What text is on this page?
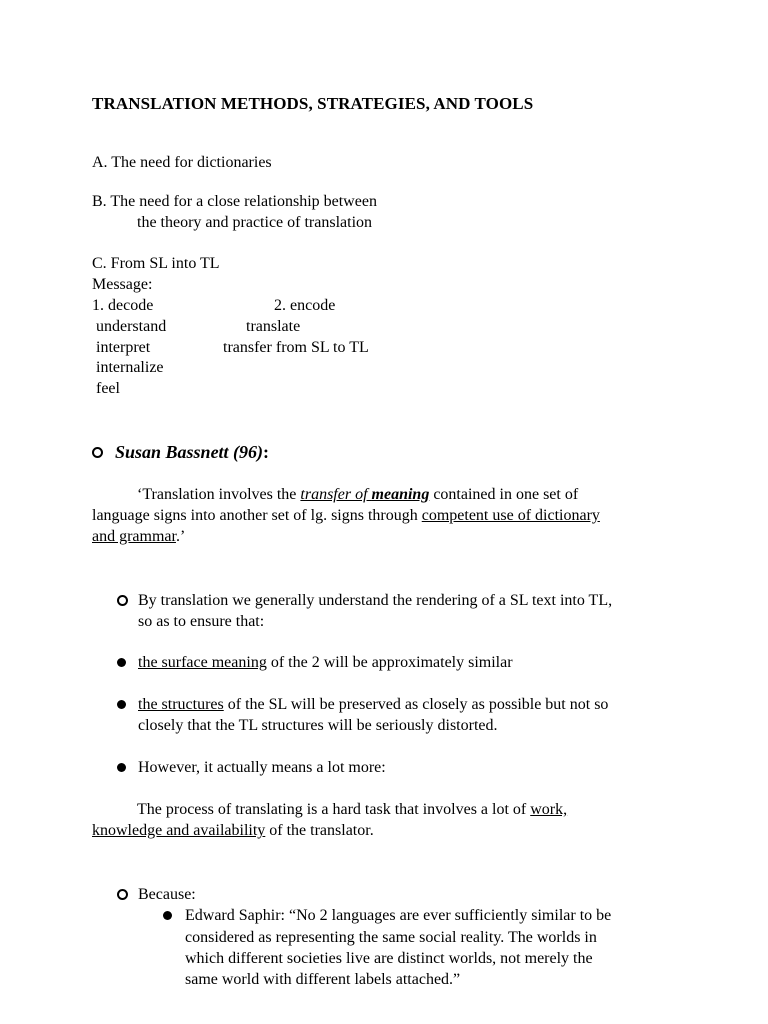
TRANSLATION METHODS, STRATEGIES, AND TOOLS
A. The need for dictionaries
B. The need for a close relationship between
the theory and practice of translation
C. From SL into TL
Message:
1. decode	2. encode
understand	translate
interpret	transfer from SL to TL
internalize
feel
Susan Bassnett (96):
‘Translation involves the transfer of meaning contained in one set of
language signs into another set of lg. signs through competent use of dictionary
and grammar.’
By translation we generally understand the rendering of a SL text into TL,
so as to ensure that:
the surface meaning of the 2 will be approximately similar
the structures of the SL will be preserved as closely as possible but not so
closely that the TL structures will be seriously distorted.
However, it actually means a lot more:
The process of translating is a hard task that involves a lot of work,
knowledge and availability of the translator.
Because:
Edward Saphir: “No 2 languages are ever sufficiently similar to be
considered as representing the same social reality. The worlds in
which different societies live are distinct worlds, not merely the
same world with different labels attached.”
